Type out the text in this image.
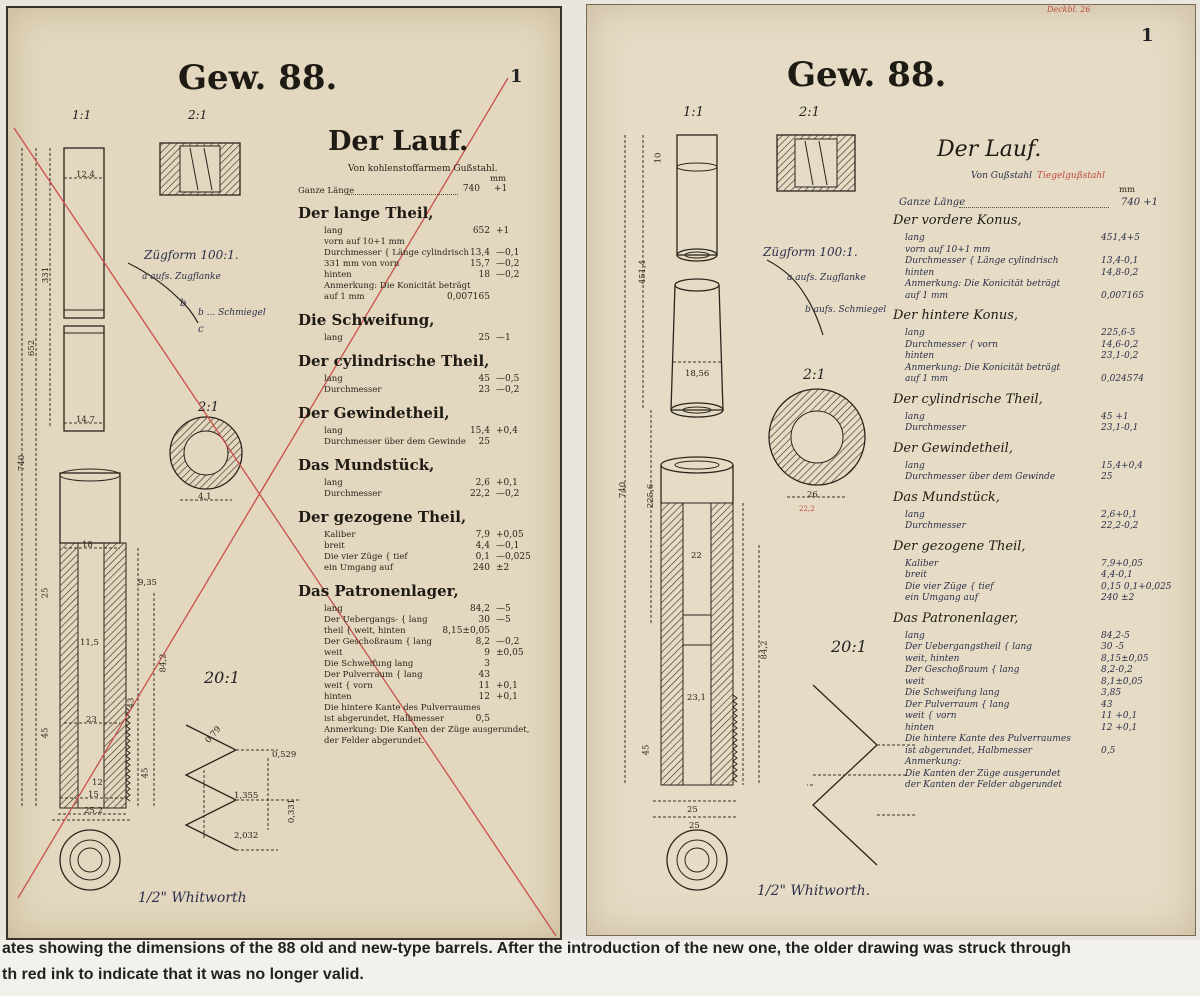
Gew. 88.	1
1:1	2:1
2:1
20:1
1/2" Whitworth
Zügform 100:1.
a aufs. Zugflanke
b
b ... Schmiegel
c
740
652
331
12,4
14,7
18
23
15
25,2
45
45
25
84,2
43
12
9,35
11,5
4,1
0,79
0,529
1,355
2,032
0,331
Der Lauf.
Von kohlenstoffarmem Gußstahl.
mm
Ganze Länge	740 +1
Der lange Theil,
lang	652 +1
vorn auf 10+1 mm
Durchmesser { Länge cylindrisch 13,4 —0,1
331 mm von vorn	15,7 —0,2
hinten	18 —0,2
Anmerkung: Die Konicität beträgt
auf 1 mm	0,007165
Die Schweifung,
lang	25 —1
Der cylindrische Theil,
lang	45 —0,5
Durchmesser	23 —0,2
Der Gewindetheil,
lang	15,4 +0,4
Durchmesser über dem Gewinde	25
Das Mundstück,
lang	2,6 +0,1
Durchmesser	22,2 —0,2
Der gezogene Theil,
Kaliber	7,9 +0,05
breit	4,4 —0,1
Die vier Züge { tief	0,1 —0,025
ein Umgang auf	240 ±2
Das Patronenlager,
lang	84,2 —5
Der Uebergangs- { lang	30 —5
theil { weit, hinten	8,15±0,05
Der Geschoßraum { lang	8,2 —0,2
weit	9 ±0,05
Die Schweifung lang	3
Der Pulverraum { lang	43
weit { vorn	11 +0,1
hinten	12 +0,1
Die hintere Kante des Pulverraumes
ist abgerundet, Halbmesser	0,5
Anmerkung: Die Kanten der Züge ausgerundet,
der Felder abgerundet.
Gew. 88.
1
Deckbl. 26
1:1	2:1
2:1
20:1
1/2" Whitworth.
Zügform 100:1.
a aufs. Zugflanke
b aufs. Schmiegel
740
451,4
225,6
10
18,56
23,1
25
45
84,2
26
25
22
22,2
Der Lauf.
Von Gußstahl Tiegelgußstahl
mm
Ganze Länge	740 +1
Der vordere Konus,
lang	451,4+5
vorn auf 10+1 mm
Durchmesser { Länge cylindrisch	13,4-0,1
hinten	14,8-0,2
Anmerkung: Die Konicität beträgt
auf 1 mm	0,007165
Der hintere Konus,
lang	225,6-5
Durchmesser { vorn	14,6-0,2
hinten	23,1-0,2
Anmerkung: Die Konicität beträgt
auf 1 mm	0,024574
Der cylindrische Theil,
lang	45 +1
Durchmesser	23,1-0,1
Der Gewindetheil,
lang	15,4+0,4
Durchmesser über dem Gewinde	25
Das Mundstück,
lang	2,6+0,1
Durchmesser	22,2-0,2
Der gezogene Theil,
Kaliber	7,9+0,05
breit	4,4-0,1
Die vier Züge { tief	0,15 0,1+0,025
ein Umgang auf	240 ±2
Das Patronenlager,
lang	84,2-5
Der Uebergangstheil { lang	30 -5
weit, hinten	8,15±0,05
Der Geschoßraum { lang	8,2-0,2
weit	8,1±0,05
Die Schweifung lang	3,85
Der Pulverraum { lang	43
weit { vorn	11 +0,1
hinten	12 +0,1
Die hintere Kante des Pulverraumes
ist abgerundet, Halbmesser	0,5
Anmerkung:
Die Kanten der Züge ausgerundet
der Kanten der Felder abgerundet
ates showing the dimensions of the 88 old and new-type barrels. After the introduction of the new one, the older drawing was struck through
th red ink to indicate that it was no longer valid.
